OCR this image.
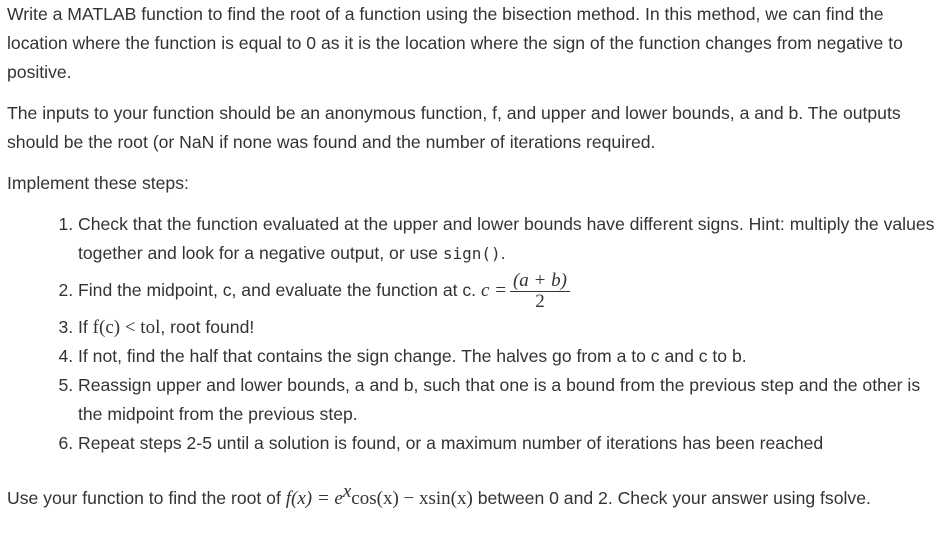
Write a MATLAB function to find the root of a function using the bisection method. In this method, we can find the location where the function is equal to 0 as it is the location where the sign of the function changes from negative to positive.

The inputs to your function should be an anonymous function, f, and upper and lower bounds, a and b. The outputs should be the root (or NaN if none was found and the number of iterations required.

Implement these steps:

1. Check that the function evaluated at the upper and lower bounds have different signs. Hint: multiply the values together and look for a negative output, or use sign().
2. Find the midpoint, c, and evaluate the function at c. $c = \frac{(a + b)}{2}$
3. If f(c) < tol, root found!
4. If not, find the half that contains the sign change. The halves go from a to c and c to b.
5. Reassign upper and lower bounds, a and b, such that one is a bound from the previous step and the other is the midpoint from the previous step.
6. Repeat steps 2-5 until a solution is found, or a maximum number of iterations has been reached

Use your function to find the root of $f(x) = e^x\cos(x) - xsin(x)$ between 0 and 2. Check your answer using fsolve.
